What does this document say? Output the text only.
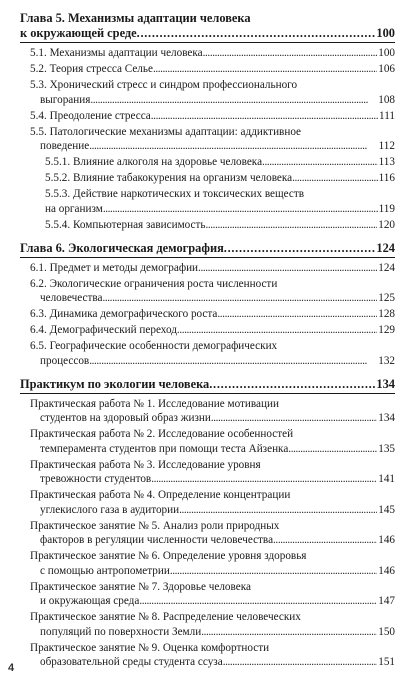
Глава 5. Механизмы адаптации человека
к окружающей среде . . .	100
5.1. Механизмы адаптации человека . . .	100
5.2. Теория стресса Селье . . .	106
5.3. Хронический стресс и синдром профессионального
выгорания . . .	108
5.4. Преодоление стресса . . .	111
5.5. Патологические механизмы адаптации: аддиктивное
поведение . . .	112
5.5.1. Влияние алкоголя на здоровье человека . . .	113
5.5.2. Влияние табакокурения на организм человека . . .	116
5.5.3. Действие наркотических и токсических веществ
на организм . . .	119
5.5.4. Компьютерная зависимость . . .	120
Глава 6. Экологическая демография . . .	124
6.1. Предмет и методы демографии . . .	124
6.2. Экологические ограничения роста численности
человечества . . .	125
6.3. Динамика демографического роста . . .	128
6.4. Демографический переход . . .	129
6.5. Географические особенности демографических
процессов . . .	132
Практикум по экологии человека . . .	134
Практическая работа № 1. Исследование мотивации
студентов на здоровый образ жизни . . .	134
Практическая работа № 2. Исследование особенностей
темперамента студентов при помощи теста Айзенка . . .	135
Практическая работа № 3. Исследование уровня
тревожности студентов . . .	141
Практическая работа № 4. Определение концентрации
углекислого газа в аудитории . . .	145
Практическое занятие № 5. Анализ роли природных
факторов в регуляции численности человечества . . .	146
Практическое занятие № 6. Определение уровня здоровья
с помощью антропометрии . . .	146
Практическое занятие № 7. Здоровье человека
и окружающая среда . . .	147
Практическое занятие № 8. Распределение человеческих
популяций по поверхности Земли . . .	150
Практическое занятие № 9. Оценка комфортности
образовательной среды студента ссуза . . .	151
4
